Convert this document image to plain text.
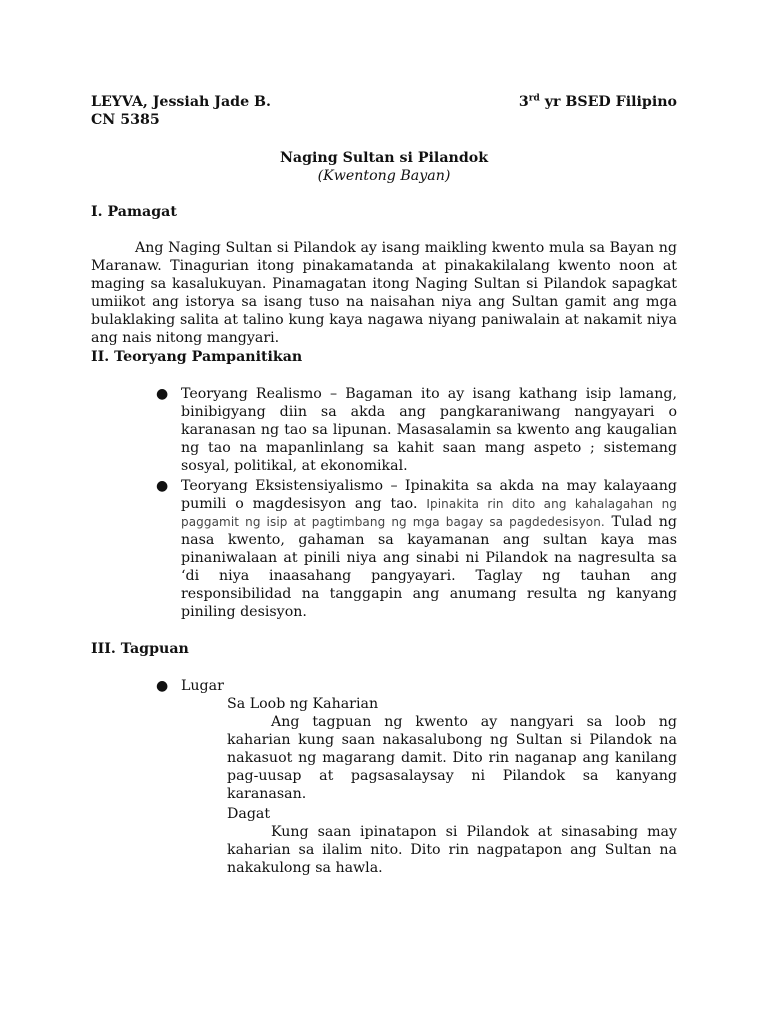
LEYVA, Jessiah Jade B.	3rd yr BSED Filipino
CN 5385
Naging Sultan si Pilandok
(Kwentong Bayan)
I. Pamagat
Ang Naging Sultan si Pilandok ay isang maikling kwento mula sa Bayan ng Maranaw. Tinagurian itong pinakamatanda at pinakakilalang kwento noon at maging sa kasalukuyan. Pinamagatan itong Naging Sultan si Pilandok sapagkat umiikot ang istorya sa isang tuso na naisahan niya ang Sultan gamit ang mga bulaklaking salita at talino kung kaya nagawa niyang paniwalain at nakamit niya ang nais nitong mangyari.
II. Teoryang Pampanitikan
● Teoryang Realismo – Bagaman ito ay isang kathang isip lamang, binibigyang diin sa akda ang pangkaraniwang nangyayari o karanasan ng tao sa lipunan. Masasalamin sa kwento ang kaugalian ng tao na mapanlinlang sa kahit saan mang aspeto ; sistemang sosyal, politikal, at ekonomikal.
● Teoryang Eksistensiyalismo – Ipinakita sa akda na may kalayaang pumili o magdesisyon ang tao. Ipinakita rin dito ang kahalagahan ng paggamit ng isip at pagtimbang ng mga bagay sa pagdedesisyon. Tulad ng nasa kwento, gahaman sa kayamanan ang sultan kaya mas pinaniwalaan at pinili niya ang sinabi ni Pilandok na nagresulta sa ‘di niya inaasahang pangyayari. Taglay ng tauhan ang responsibilidad na tanggapin ang anumang resulta ng kanyang piniling desisyon.
III. Tagpuan
● Lugar
Sa Loob ng Kaharian
Ang tagpuan ng kwento ay nangyari sa loob ng kaharian kung saan nakasalubong ng Sultan si Pilandok na nakasuot ng magarang damit. Dito rin naganap ang kanilang pag-uusap at pagsasalaysay ni Pilandok sa kanyang karanasan.
Dagat
Kung saan ipinatapon si Pilandok at sinasabing may kaharian sa ilalim nito. Dito rin nagpatapon ang Sultan na nakakulong sa hawla.
